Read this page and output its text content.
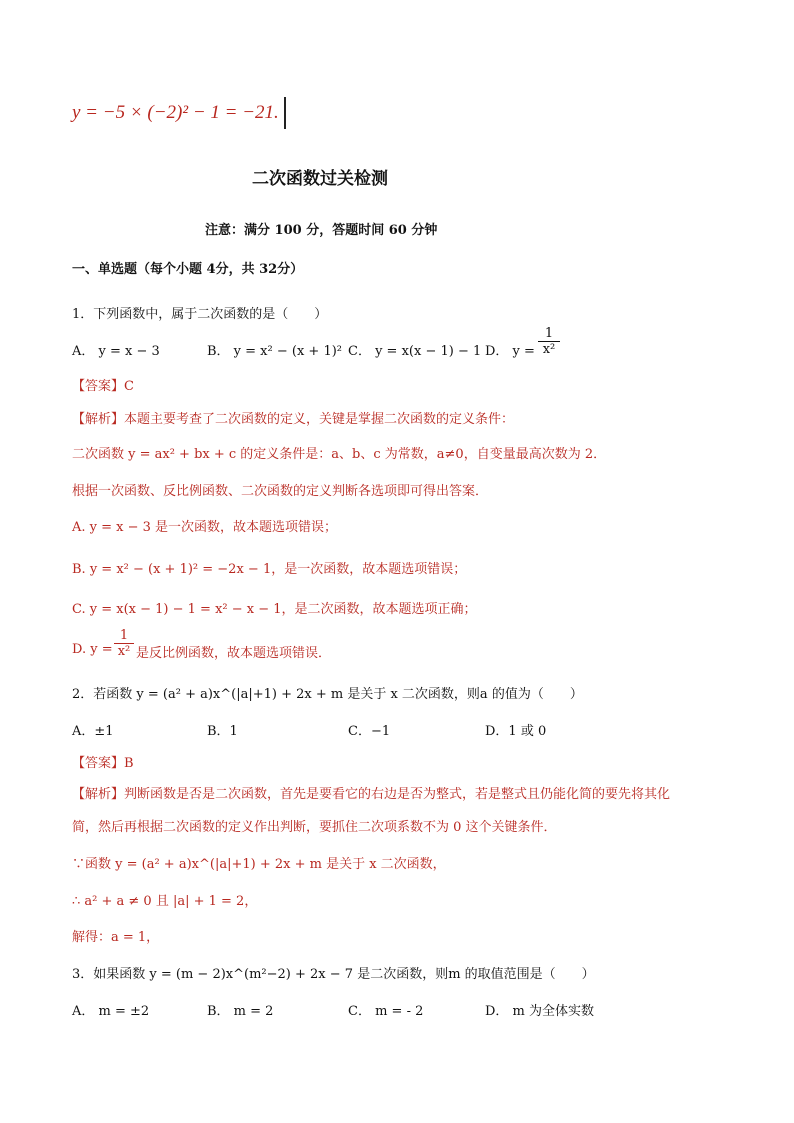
y = −5 × (−2)² − 1 = −21.
二次函数过关检测
注意：满分 100 分，答题时间 60 分钟
一、单选题（每个小题 4分，共 32分）
1．下列函数中，属于二次函数的是（　　）
A． y = x − 3	B． y = x² − (x + 1)² C． y = x(x − 1) − 1 D． $y = \frac{1}{\text{x²}}$
【答案】C
【解析】本题主要考查了二次函数的定义，关键是掌握二次函数的定义条件：
二次函数 y = ax² + bx + c 的定义条件是：a、b、c 为常数，a≠0，自变量最高次数为 2．
根据一次函数、反比例函数、二次函数的定义判断各选项即可得出答案．
A. y = x − 3 是一次函数，故本题选项错误；
B. y = x² − (x + 1)² = −2x − 1，是一次函数，故本题选项错误；
C. y = x(x − 1) − 1 = x² − x − 1，是二次函数，故本题选项正确；
D. $y = \frac{1}{\text{x²}}$ 是反比例函数，故本题选项错误．
2．若函数 y = (a² + a)x^(|a|+1) + 2x + m 是关于 x 二次函数，则a 的值为（　　）
A．±1	B．1	C．−1	D．1 或 0
【答案】B
【解析】判断函数是否是二次函数，首先是要看它的右边是否为整式，若是整式且仍能化简的要先将其化
简，然后再根据二次函数的定义作出判断，要抓住二次项系数不为 0 这个关键条件．
∵函数 y = (a² + a)x^(|a|+1) + 2x + m 是关于 x 二次函数，
∴ a² + a ≠ 0 且 |a| + 1 = 2，
解得：a = 1，
3．如果函数 y = (m − 2)x^(m²−2) + 2x − 7 是二次函数，则m 的取值范围是（　　）
A． m = ±2	B． m = 2	C． m = - 2	D． m 为全体实数
